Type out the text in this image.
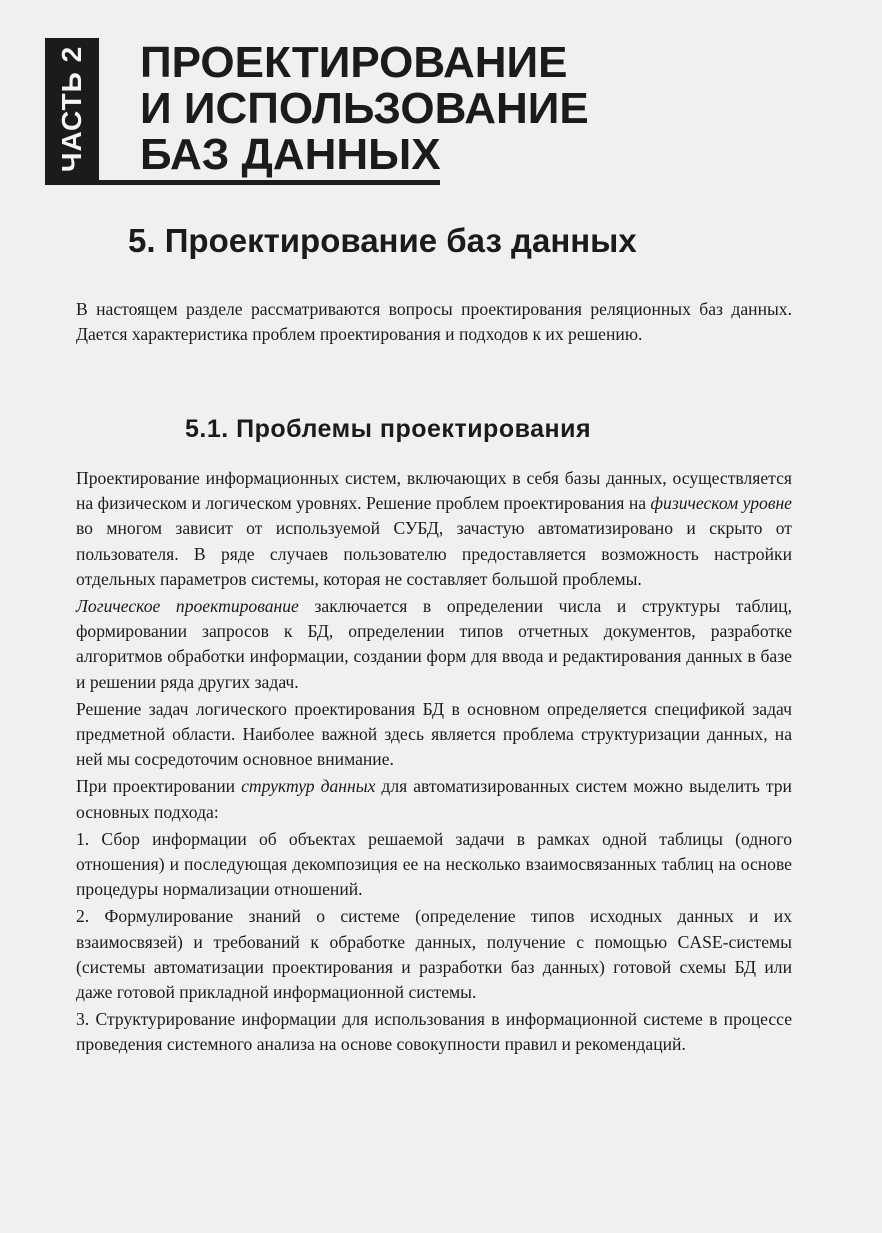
ЧАСТЬ 2 ПРОЕКТИРОВАНИЕ
И ИСПОЛЬЗОВАНИЕ
БАЗ ДАННЫХ
5. Проектирование баз данных

В настоящем разделе рассматриваются вопросы проектирования реляционных баз данных. Дается характеристика проблем проектирования и подходов к их решению.

5.1. Проблемы проектирования

Проектирование информационных систем, включающих в себя базы данных, осуществляется на физическом и логическом уровнях. Решение проблем проектирования на физическом уровне во многом зависит от используемой СУБД, зачастую автоматизировано и скрыто от пользователя. В ряде случаев пользователю предоставляется возможность настройки отдельных параметров системы, которая не составляет большой проблемы.

Логическое проектирование заключается в определении числа и структуры таблиц, формировании запросов к БД, определении типов отчетных документов, разработке алгоритмов обработки информации, создании форм для ввода и редактирования данных в базе и решении ряда других задач.

Решение задач логического проектирования БД в основном определяется спецификой задач предметной области. Наиболее важной здесь является проблема структуризации данных, на ней мы сосредоточим основное внимание.

При проектировании структур данных для автоматизированных систем можно выделить три основных подхода:

1. Сбор информации об объектах решаемой задачи в рамках одной таблицы (одного отношения) и последующая декомпозиция ее на несколько взаимосвязанных таблиц на основе процедуры нормализации отношений.

2. Формулирование знаний о системе (определение типов исходных данных и их взаимосвязей) и требований к обработке данных, получение с помощью CASE-системы (системы автоматизации проектирования и разработки баз данных) готовой схемы БД или даже готовой прикладной информационной системы.

3. Структурирование информации для использования в информационной системе в процессе проведения системного анализа на основе совокупности правил и рекомендаций.
